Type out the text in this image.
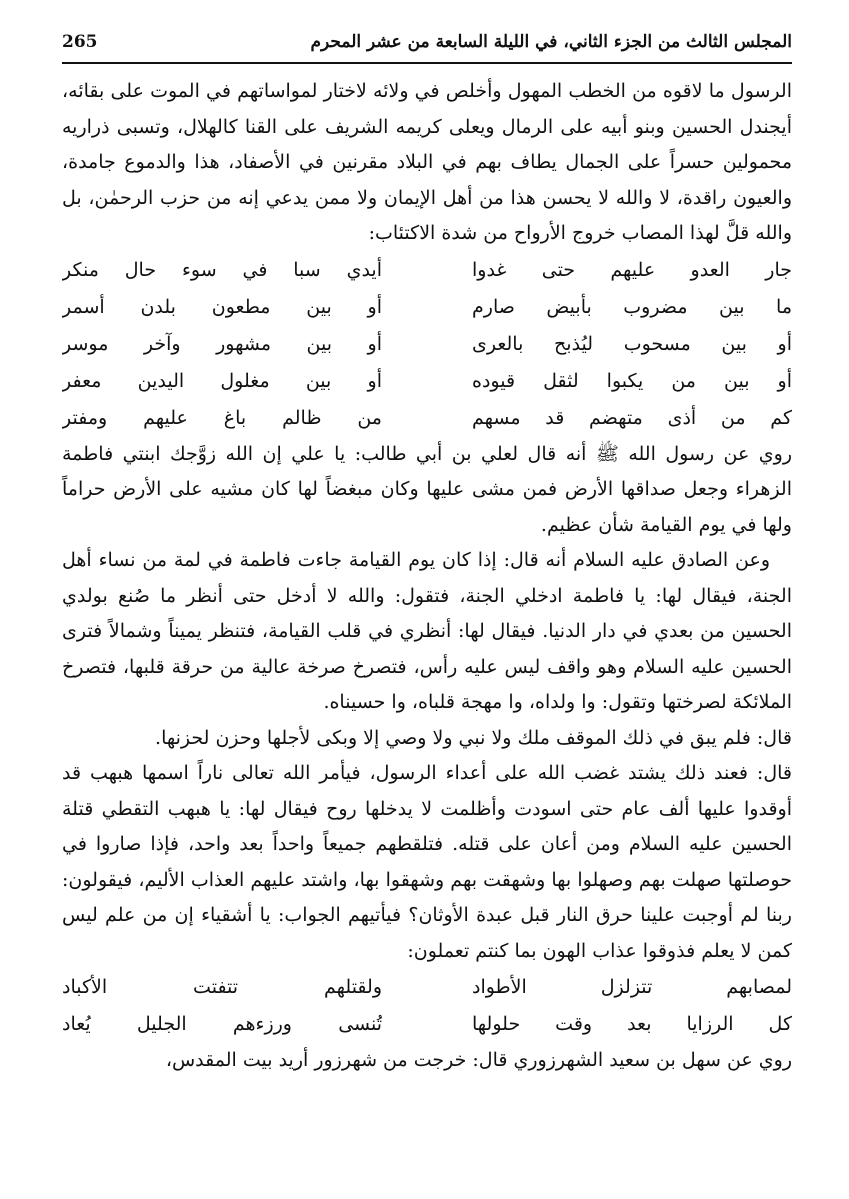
المجلس الثالث من الجزء الثاني، في الليلة السابعة من عشر المحرم
265

الرسول ما لاقوه من الخطب المهول وأخلص في ولائه لاختار لمواساتهم في الموت على بقائه، أيجندل الحسين وبنو أبيه على الرمال ويعلى كريمه الشريف على القنا كالهلال، وتسبى ذراريه محمولين حسراً على الجمال يطاف بهم في البلاد مقرنين في الأصفاد، هذا والدموع جامدة، والعيون راقدة، لا والله لا يحسن هذا من أهل الإيمان ولا ممن يدعي إنه من حزب الرحمٰن، بل والله قلَّ لهذا المصاب خروج الأرواح من شدة الاكتئاب:

جار العدو عليهم حتى غدوا
أيدي سبا في سوء حال منكر
ما بين مضروب بأبيض صارم
أو بين مطعون بلدن أسمر
أو بين مسحوب ليُذبح بالعرى
أو بين مشهور وآخر موسر
أو بين من يكبوا لثقل قيوده
أو بين مغلول اليدين معفر
كم من أذى متهضم قد مسهم
من ظالم باغ عليهم ومفتر

روي عن رسول الله ﷺ أنه قال لعلي بن أبي طالب: يا علي إن الله زوَّجك ابنتي فاطمة الزهراء وجعل صداقها الأرض فمن مشى عليها وكان مبغضاً لها كان مشيه على الأرض حراماً ولها في يوم القيامة شأن عظيم.

وعن الصادق عليه السلام أنه قال: إذا كان يوم القيامة جاءت فاطمة في لمة من نساء أهل الجنة، فيقال لها: يا فاطمة ادخلي الجنة، فتقول: والله لا أدخل حتى أنظر ما صُنع بولدي الحسين من بعدي في دار الدنيا. فيقال لها: أنظري في قلب القيامة، فتنظر يميناً وشمالاً فترى الحسين عليه السلام وهو واقف ليس عليه رأس، فتصرخ صرخة عالية من حرقة قلبها، فتصرخ الملائكة لصرختها وتقول: وا ولداه، وا مهجة قلباه، وا حسيناه.

قال: فلم يبق في ذلك الموقف ملك ولا نبي ولا وصي إلا وبكى لأجلها وحزن لحزنها.

قال: فعند ذلك يشتد غضب الله على أعداء الرسول، فيأمر الله تعالى ناراً اسمها هبهب قد أوقدوا عليها ألف عام حتى اسودت وأظلمت لا يدخلها روح فيقال لها: يا هبهب التقطي قتلة الحسين عليه السلام ومن أعان على قتله. فتلقطهم جميعاً واحداً بعد واحد، فإذا صاروا في حوصلتها صهلت بهم وصهلوا بها وشهقت بهم وشهقوا بها، واشتد عليهم العذاب الأليم، فيقولون: ربنا لم أوجبت علينا حرق النار قبل عبدة الأوثان؟ فيأتيهم الجواب: يا أشقياء إن من علم ليس كمن لا يعلم فذوقوا عذاب الهون بما كنتم تعملون:

لمصابهم تتزلزل الأطواد
ولقتلهم تتفتت الأكباد
كل الرزايا بعد وقت حلولها
تُنسى ورزءهم الجليل يُعاد

روي عن سهل بن سعيد الشهرزوري قال: خرجت من شهرزور أريد بيت المقدس،
